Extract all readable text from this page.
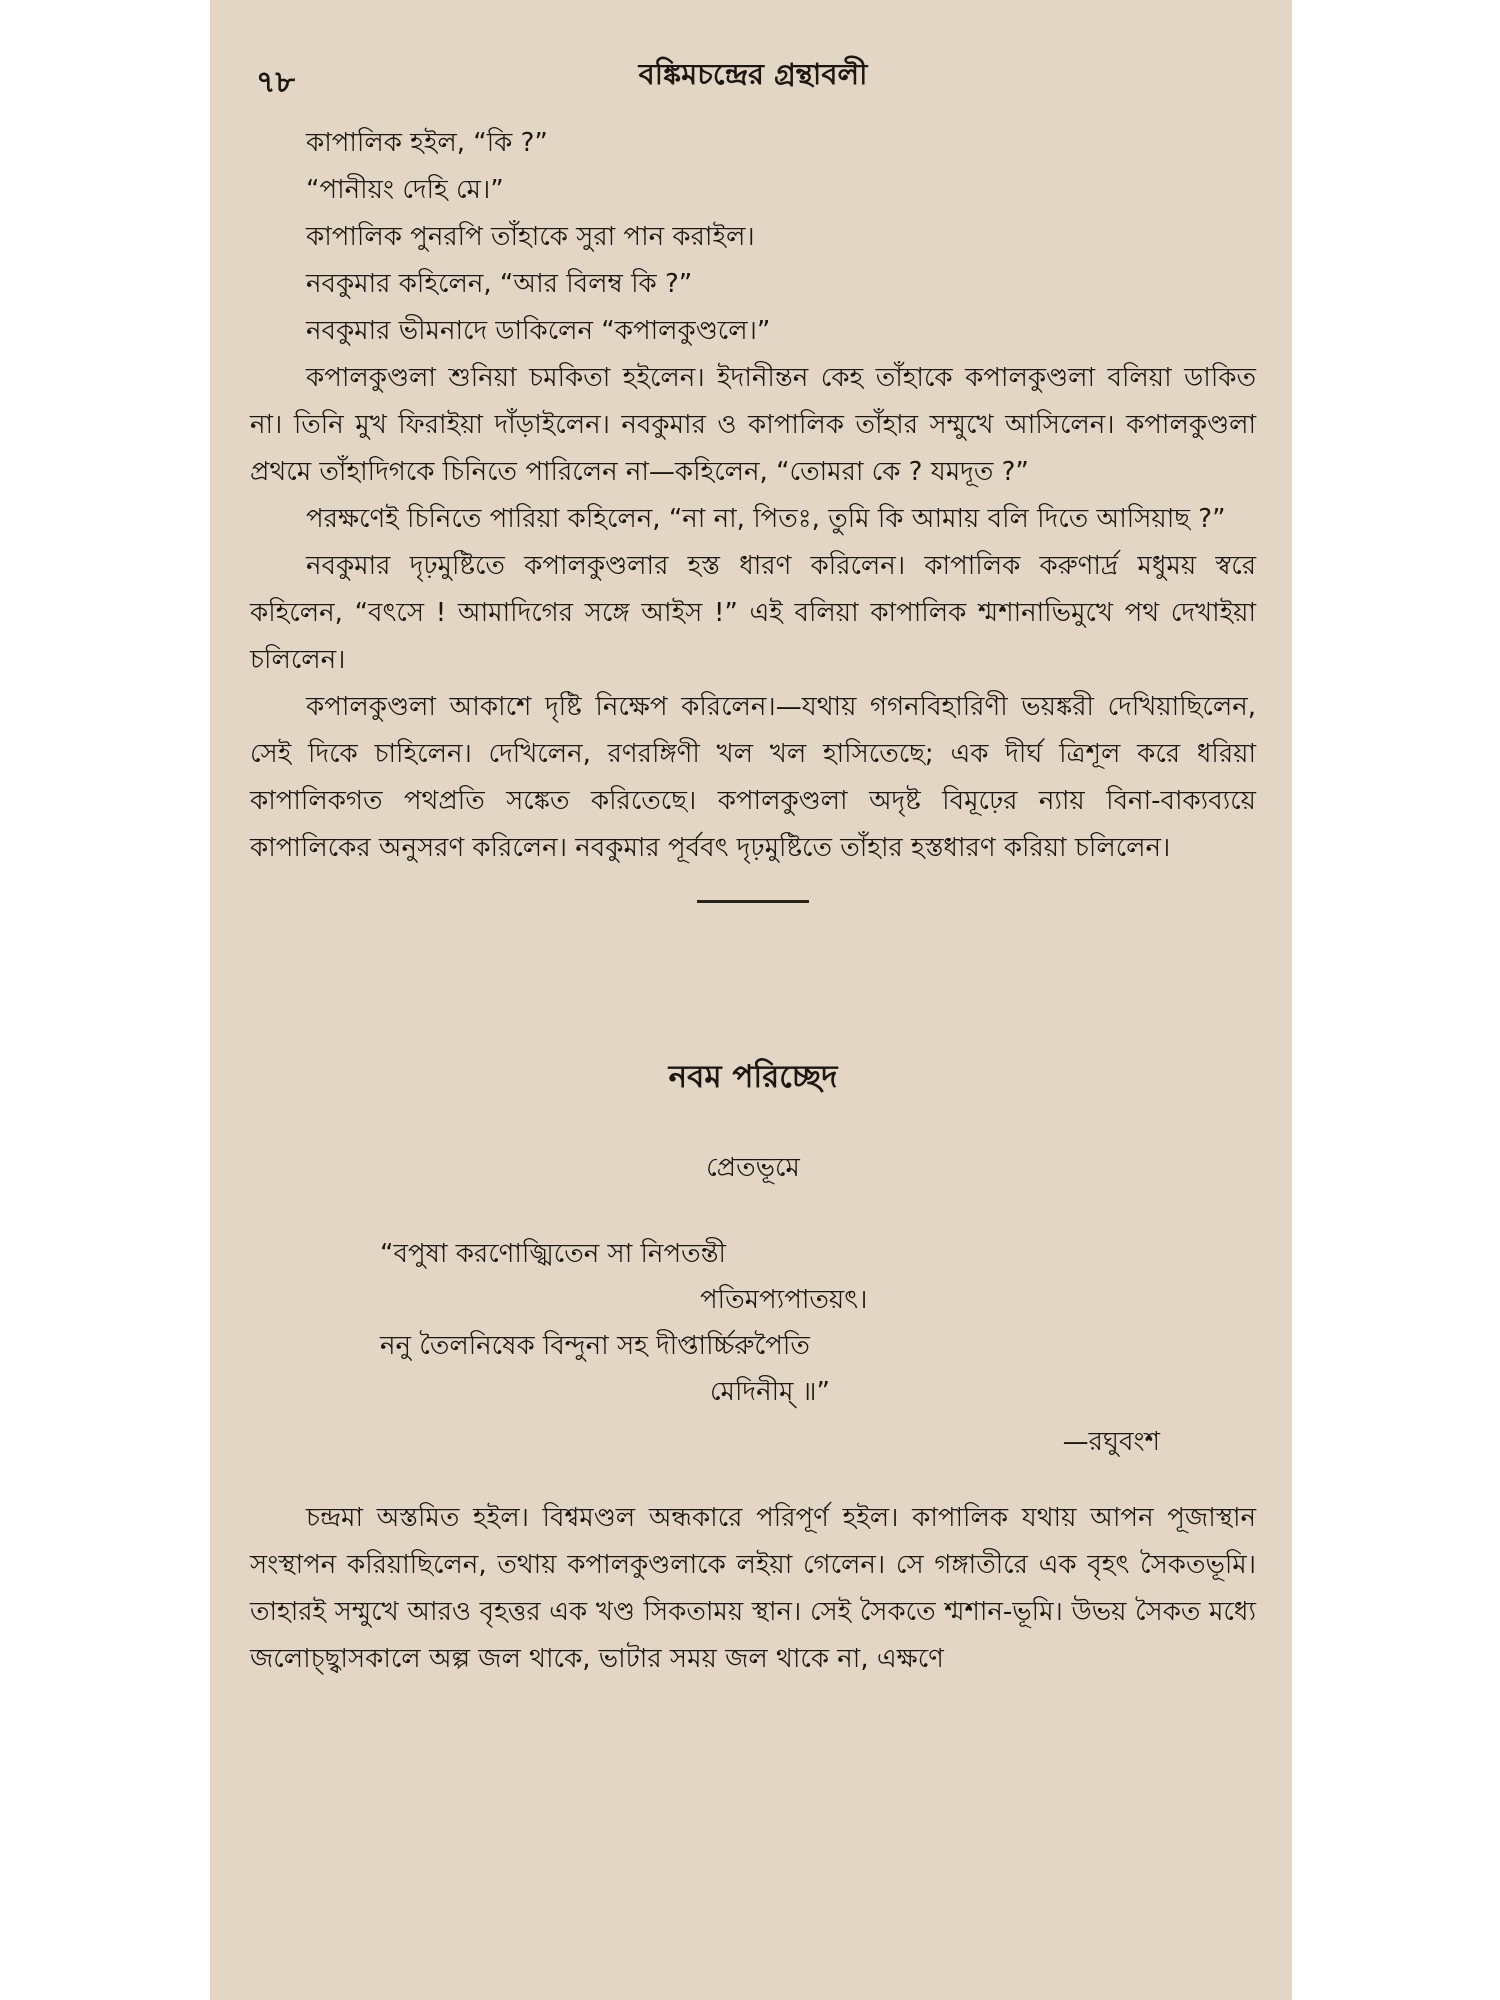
৭৮	বঙ্কিমচন্দ্রের গ্রন্থাবলী

কাপালিক হইল, “কি ?”

“পানীয়ং দেহি মে।”

কাপালিক পুনরপি তাঁহাকে সুরা পান করাইল।

নবকুমার কহিলেন, “আর বিলম্ব কি ?”

নবকুমার ভীমনাদে ডাকিলেন “কপালকুণ্ডলে।”

কপালকুণ্ডলা শুনিয়া চমকিতা হইলেন। ইদানীন্তন কেহ তাঁহাকে কপালকুণ্ডলা বলিয়া ডাকিত না। তিনি মুখ ফিরাইয়া দাঁড়াইলেন। নবকুমার ও কাপালিক তাঁহার সম্মুখে আসিলেন। কপালকুণ্ডলা প্রথমে তাঁহাদিগকে চিনিতে পারিলেন না—কহিলেন, “তোমরা কে ? যমদূত ?”

পরক্ষণেই চিনিতে পারিয়া কহিলেন, “না না, পিতঃ, তুমি কি আমায় বলি দিতে আসিয়াছ ?”

নবকুমার দৃঢ়মুষ্টিতে কপালকুণ্ডলার হস্ত ধারণ করিলেন। কাপালিক করুণার্দ্র মধুময় স্বরে কহিলেন, “বৎসে ! আমাদিগের সঙ্গে আইস !” এই বলিয়া কাপালিক শ্মশানাভিমুখে পথ দেখাইয়া চলিলেন।

কপালকুণ্ডলা আকাশে দৃষ্টি নিক্ষেপ করিলেন।—যথায় গগনবিহারিণী ভয়ঙ্করী দেখিয়াছিলেন, সেই দিকে চাহিলেন। দেখিলেন, রণরঙ্গিণী খল খল হাসিতেছে; এক দীর্ঘ ত্রিশূল করে ধরিয়া কাপালিকগত পথপ্রতি সঙ্কেত করিতেছে। কপালকুণ্ডলা অদৃষ্ট বিমূঢ়ের ন্যায় বিনা-বাক্যব্যয়ে কাপালিকের অনুসরণ করিলেন। নবকুমার পূর্ববৎ দৃঢ়মুষ্টিতে তাঁহার হস্তধারণ করিয়া চলিলেন।

নবম পরিচ্ছেদ
প্রেতভূমে
“বপুষা করণোজ্ঝিতেন সা নিপতন্তী
পতিমপ্যপাতয়ৎ।
ননু তৈলনিষেক বিন্দুনা সহ দীপ্তার্চ্চিরুপৈতি
মেদিনীম্ ॥”
—রঘুবংশ

চন্দ্রমা অস্তমিত হইল। বিশ্বমণ্ডল অন্ধকারে পরিপূর্ণ হইল। কাপালিক যথায় আপন পূজাস্থান সংস্থাপন করিয়াছিলেন, তথায় কপালকুণ্ডলাকে লইয়া গেলেন। সে গঙ্গাতীরে এক বৃহৎ সৈকতভূমি। তাহারই সম্মুখে আরও বৃহত্তর এক খণ্ড সিকতাময় স্থান। সেই সৈকতে শ্মশান-ভূমি। উভয় সৈকত মধ্যে জলোচ্ছ্বাসকালে অল্প জল থাকে, ভাটার সময় জল থাকে না, এক্ষণে
